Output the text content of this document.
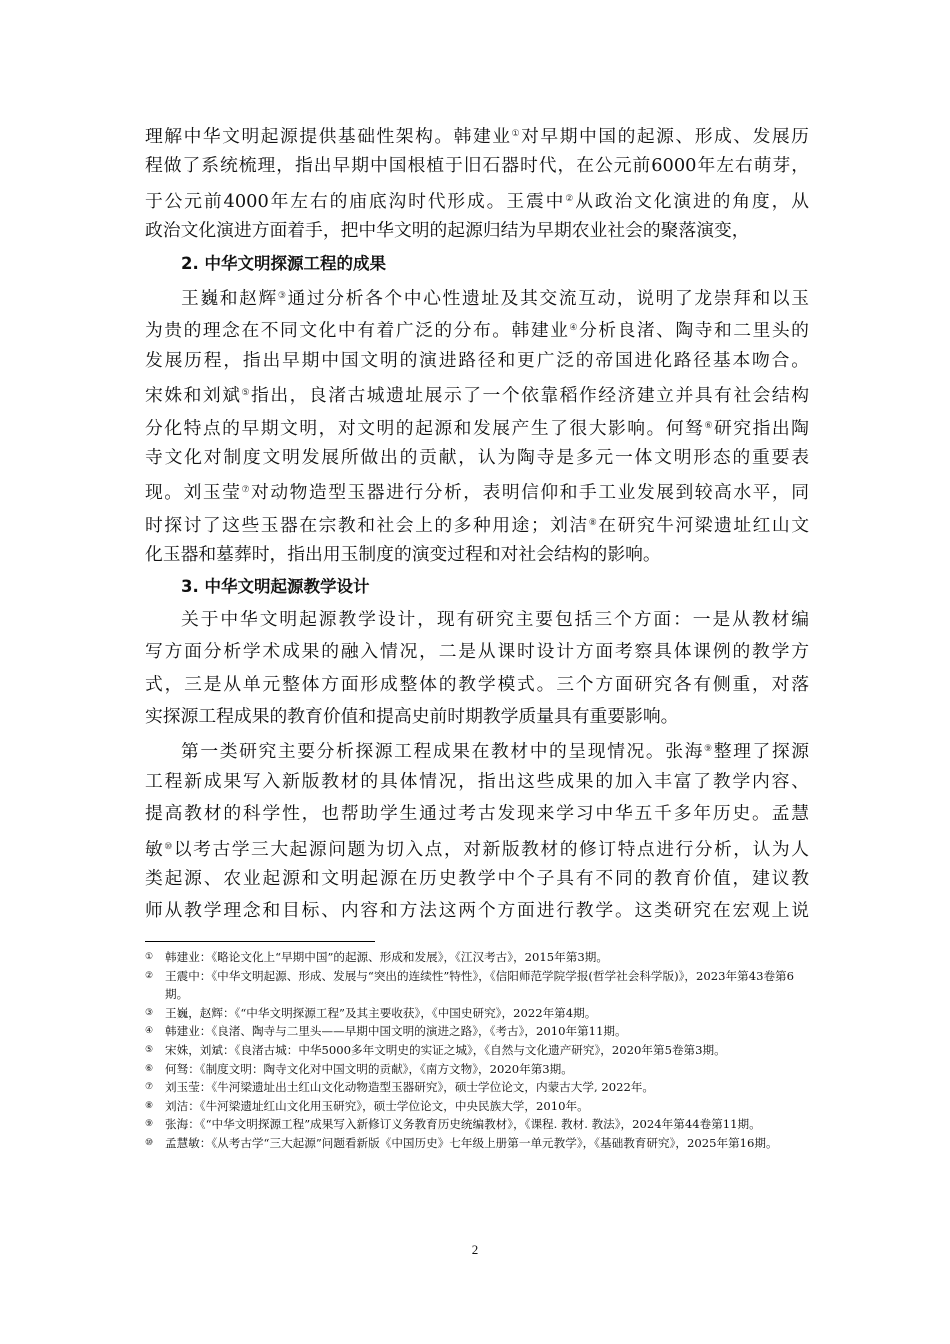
理解中华文明起源提供基础性架构。韩建业①对早期中国的起源、形成、发展历
程做了系统梳理，指出早期中国根植于旧石器时代，在公元前6000年左右萌芽，
于公元前4000年左右的庙底沟时代形成。王震中②从政治文化演进的角度，从
政治文化演进方面着手，把中华文明的起源归结为早期农业社会的聚落演变，
2. 中华文明探源工程的成果
王巍和赵辉③通过分析各个中心性遗址及其交流互动，说明了龙崇拜和以玉
为贵的理念在不同文化中有着广泛的分布。韩建业④分析良渚、陶寺和二里头的
发展历程，指出早期中国文明的演进路径和更广泛的帝国进化路径基本吻合。
宋姝和刘斌⑤指出，良渚古城遗址展示了一个依靠稻作经济建立并具有社会结构
分化特点的早期文明，对文明的起源和发展产生了很大影响。何驽⑥研究指出陶
寺文化对制度文明发展所做出的贡献，认为陶寺是多元一体文明形态的重要表
现。刘玉莹⑦对动物造型玉器进行分析，表明信仰和手工业发展到较高水平，同
时探讨了这些玉器在宗教和社会上的多种用途；刘洁⑧在研究牛河梁遗址红山文
化玉器和墓葬时，指出用玉制度的演变过程和对社会结构的影响。
3. 中华文明起源教学设计
关于中华文明起源教学设计，现有研究主要包括三个方面：一是从教材编
写方面分析学术成果的融入情况，二是从课时设计方面考察具体课例的教学方
式，三是从单元整体方面形成整体的教学模式。三个方面研究各有侧重，对落
实探源工程成果的教育价值和提高史前时期教学质量具有重要影响。
第一类研究主要分析探源工程成果在教材中的呈现情况。张海⑨整理了探源
工程新成果写入新版教材的具体情况，指出这些成果的加入丰富了教学内容、
提高教材的科学性，也帮助学生通过考古发现来学习中华五千多年历史。孟慧
敏⑩以考古学三大起源问题为切入点，对新版教材的修订特点进行分析，认为人
类起源、农业起源和文明起源在历史教学中个子具有不同的教育价值，建议教
师从教学理念和目标、内容和方法这两个方面进行教学。这类研究在宏观上说
① 韩建业：《略论文化上“早期中国”的起源、形成和发展》，《江汉考古》，2015年第3期。
② 王震中：《中华文明起源、形成、发展与“突出的连续性”特性》，《信阳师范学院学报(哲学社会科学版)》，2023年第43卷第6期。
③ 王巍，赵辉：《“中华文明探源工程”及其主要收获》，《中国史研究》，2022年第4期。
④ 韩建业：《良渚、陶寺与二里头——早期中国文明的演进之路》，《考古》，2010年第11期。
⑤ 宋姝，刘斌：《良渚古城：中华5000多年文明史的实证之城》，《自然与文化遗产研究》，2020年第5卷第3期。
⑥ 何驽：《制度文明：陶寺文化对中国文明的贡献》，《南方文物》，2020年第3期。
⑦ 刘玉莹：《牛河梁遗址出土红山文化动物造型玉器研究》，硕士学位论文，内蒙古大学, 2022年。
⑧ 刘洁：《牛河梁遗址红山文化用玉研究》，硕士学位论文，中央民族大学，2010年。
⑨ 张海：《“中华文明探源工程”成果写入新修订义务教育历史统编教材》，《课程. 教材. 教法》，2024年第44卷第11期。
⑩ 孟慧敏：《从考古学“三大起源”问题看新版《中国历史》七年级上册第一单元教学》，《基础教育研究》，2025年第16期。
2
